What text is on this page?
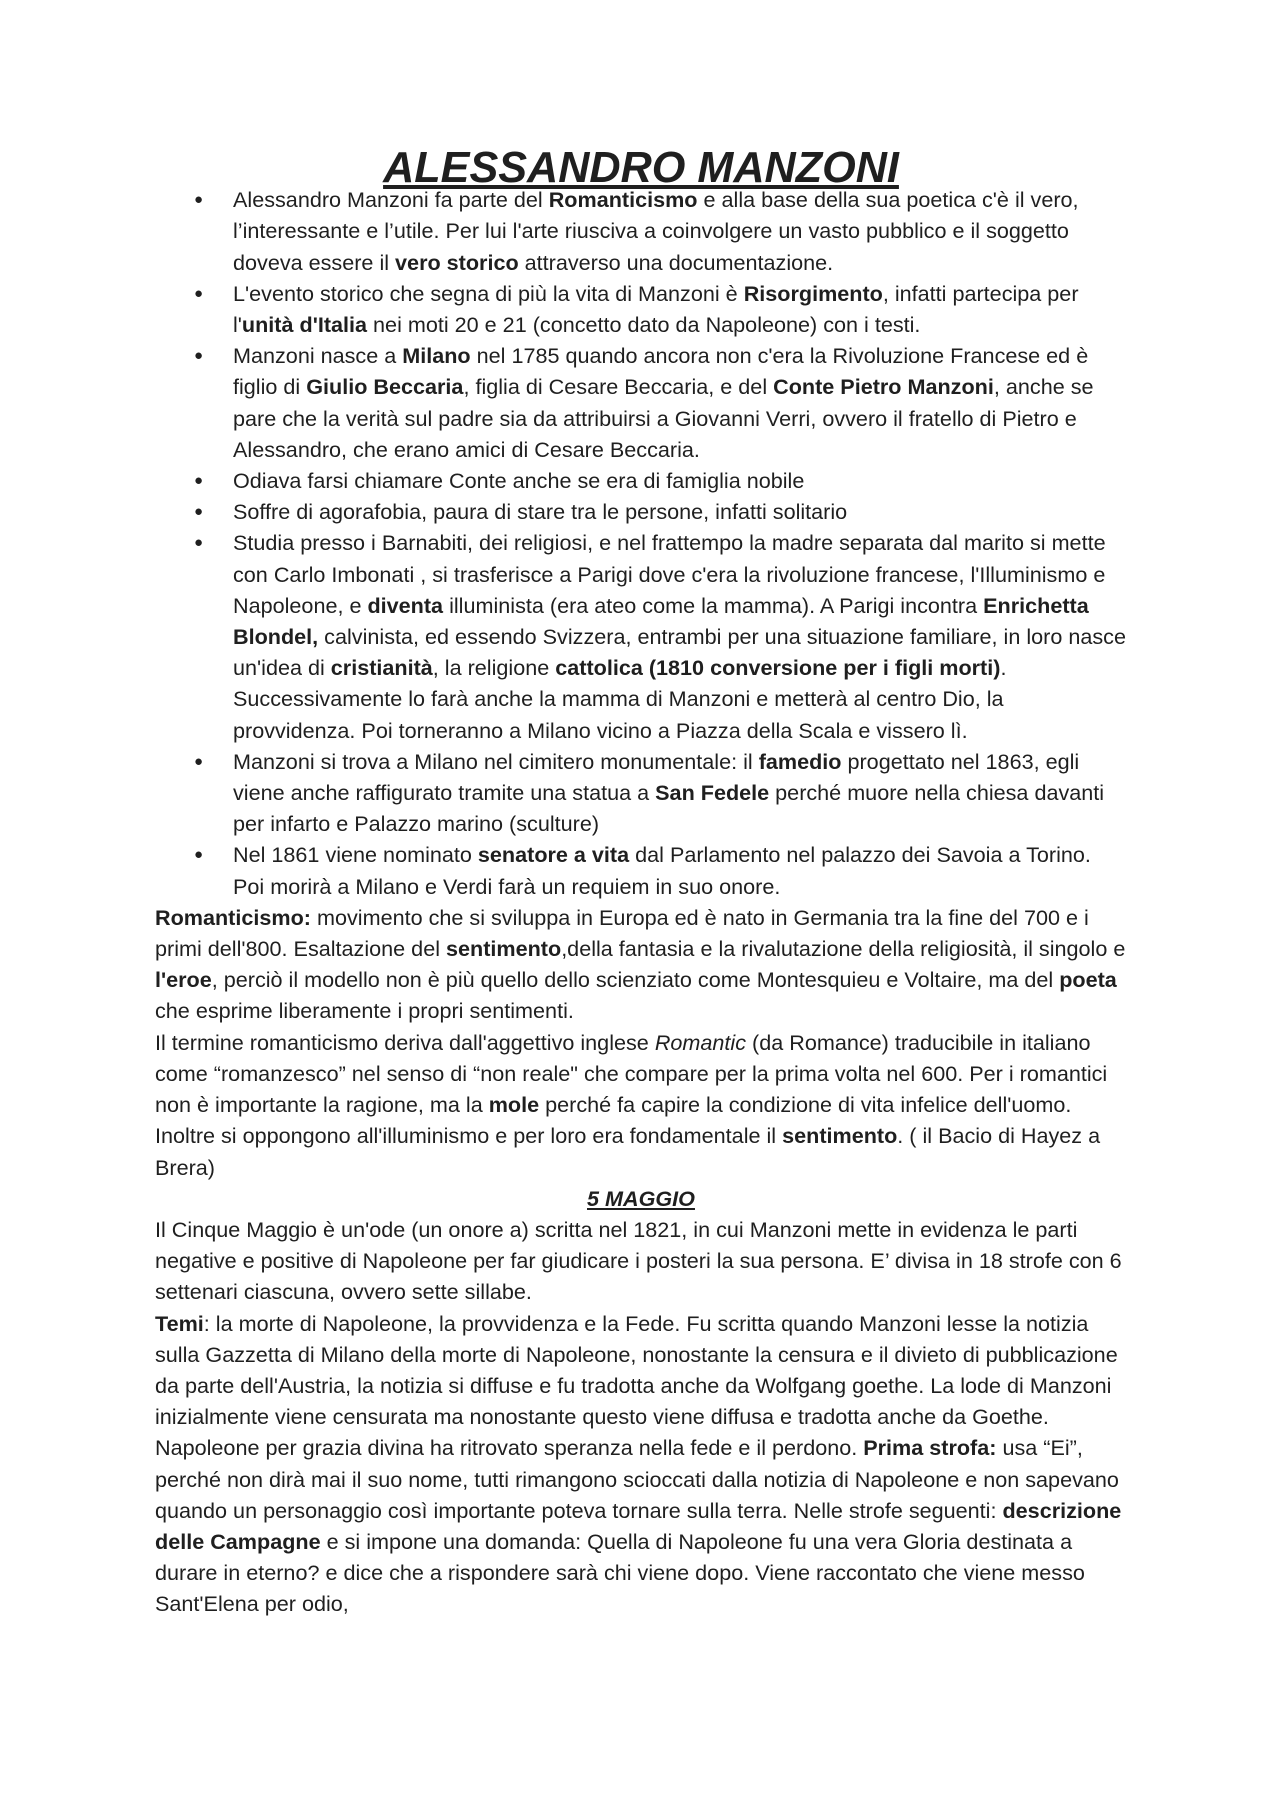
ALESSANDRO MANZONI
● Alessandro Manzoni fa parte del Romanticismo e alla base della sua poetica c'è il vero, l’interessante e l’utile. Per lui l'arte riusciva a coinvolgere un vasto pubblico e il soggetto doveva essere il vero storico attraverso una documentazione.
● L'evento storico che segna di più la vita di Manzoni è Risorgimento, infatti partecipa per l'unità d'Italia nei moti 20 e 21 (concetto dato da Napoleone) con i testi.
● Manzoni nasce a Milano nel 1785 quando ancora non c'era la Rivoluzione Francese ed è figlio di Giulio Beccaria, figlia di Cesare Beccaria, e del Conte Pietro Manzoni, anche se pare che la verità sul padre sia da attribuirsi a Giovanni Verri, ovvero il fratello di Pietro e Alessandro, che erano amici di Cesare Beccaria.
● Odiava farsi chiamare Conte anche se era di famiglia nobile
● Soffre di agorafobia, paura di stare tra le persone, infatti solitario
● Studia presso i Barnabiti, dei religiosi, e nel frattempo la madre separata dal marito si mette con Carlo Imbonati , si trasferisce a Parigi dove c'era la rivoluzione francese, l'Illuminismo e Napoleone, e diventa illuminista (era ateo come la mamma). A Parigi incontra Enrichetta Blondel, calvinista, ed essendo Svizzera, entrambi per una situazione familiare, in loro nasce un'idea di cristianità, la religione cattolica (1810 conversione per i figli morti). Successivamente lo farà anche la mamma di Manzoni e metterà al centro Dio, la provvidenza. Poi torneranno a Milano vicino a Piazza della Scala e vissero lì.
● Manzoni si trova a Milano nel cimitero monumentale: il famedio progettato nel 1863, egli viene anche raffigurato tramite una statua a San Fedele perché muore nella chiesa davanti per infarto e Palazzo marino (sculture)
● Nel 1861 viene nominato senatore a vita dal Parlamento nel palazzo dei Savoia a Torino. Poi morirà a Milano e Verdi farà un requiem in suo onore.

Romanticismo: movimento che si sviluppa in Europa ed è nato in Germania tra la fine del 700 e i primi dell'800. Esaltazione del sentimento,della fantasia e la rivalutazione della religiosità, il singolo e l'eroe, perciò il modello non è più quello dello scienziato come Montesquieu e Voltaire, ma del poeta che esprime liberamente i propri sentimenti.

Il termine romanticismo deriva dall'aggettivo inglese Romantic (da Romance) traducibile in italiano come “romanzesco” nel senso di “non reale" che compare per la prima volta nel 600. Per i romantici non è importante la ragione, ma la mole perché fa capire la condizione di vita infelice dell'uomo. Inoltre si oppongono all'illuminismo e per loro era fondamentale il sentimento. ( il Bacio di Hayez a Brera)

5 MAGGIO

Il Cinque Maggio è un'ode (un onore a) scritta nel 1821, in cui Manzoni mette in evidenza le parti negative e positive di Napoleone per far giudicare i posteri la sua persona. E’ divisa in 18 strofe con 6 settenari ciascuna, ovvero sette sillabe.

Temi: la morte di Napoleone, la provvidenza e la Fede. Fu scritta quando Manzoni lesse la notizia sulla Gazzetta di Milano della morte di Napoleone, nonostante la censura e il divieto di pubblicazione da parte dell'Austria, la notizia si diffuse e fu tradotta anche da Wolfgang goethe. La lode di Manzoni inizialmente viene censurata ma nonostante questo viene diffusa e tradotta anche da Goethe. Napoleone per grazia divina ha ritrovato speranza nella fede e il perdono. Prima strofa: usa “Ei”, perché non dirà mai il suo nome, tutti rimangono scioccati dalla notizia di Napoleone e non sapevano quando un personaggio così importante poteva tornare sulla terra. Nelle strofe seguenti: descrizione delle Campagne e si impone una domanda: Quella di Napoleone fu una vera Gloria destinata a durare in eterno? e dice che a rispondere sarà chi viene dopo. Viene raccontato che viene messo Sant'Elena per odio,
